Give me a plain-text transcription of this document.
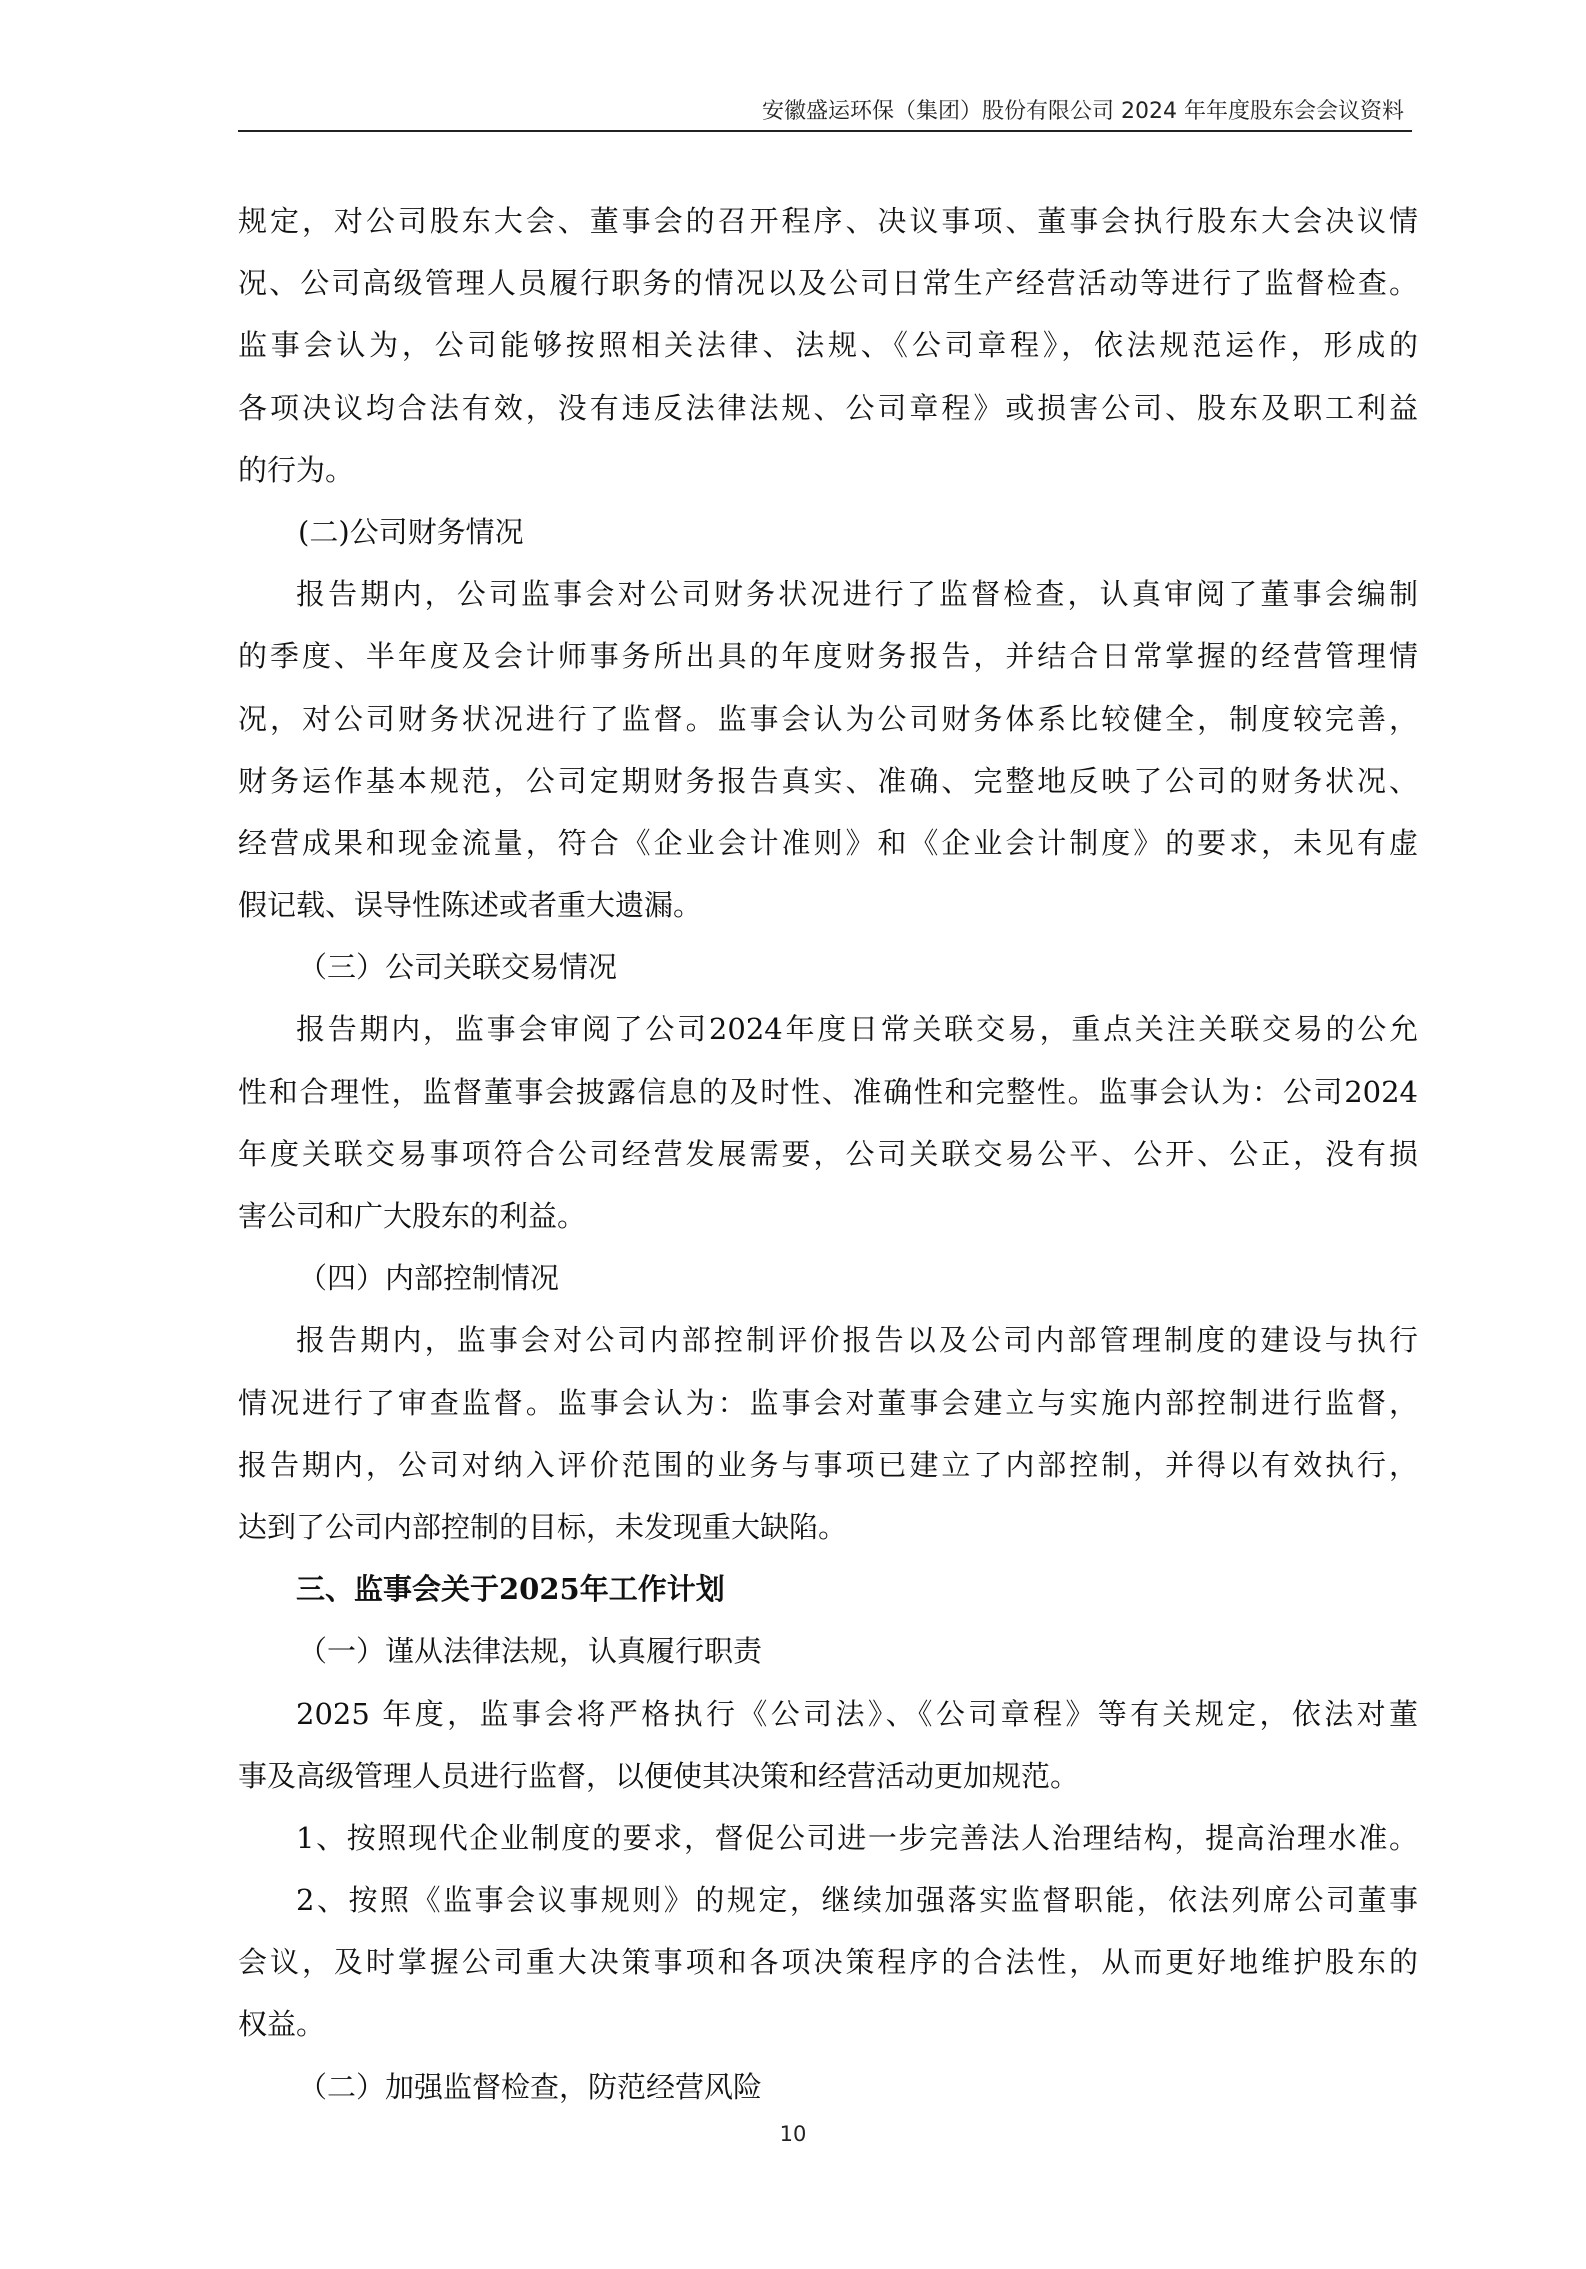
安徽盛运环保（集团）股份有限公司 2024 年年度股东会会议资料
规定，对公司股东大会、董事会的召开程序、决议事项、董事会执行股东大会决议情
况、公司高级管理人员履行职务的情况以及公司日常生产经营活动等进行了监督检查。
监事会认为，公司能够按照相关法律、法规、《公司章程》，依法规范运作，形成的
各项决议均合法有效，没有违反法律法规、公司章程》或损害公司、股东及职工利益
的行为。
(二)公司财务情况
报告期内，公司监事会对公司财务状况进行了监督检查，认真审阅了董事会编制
的季度、半年度及会计师事务所出具的年度财务报告，并结合日常掌握的经营管理情
况，对公司财务状况进行了监督。监事会认为公司财务体系比较健全，制度较完善，
财务运作基本规范，公司定期财务报告真实、准确、完整地反映了公司的财务状况、
经营成果和现金流量，符合《企业会计准则》和《企业会计制度》的要求，未见有虚
假记载、误导性陈述或者重大遗漏。
（三）公司关联交易情况
报告期内，监事会审阅了公司2024年度日常关联交易，重点关注关联交易的公允
性和合理性，监督董事会披露信息的及时性、准确性和完整性。监事会认为：公司2024
年度关联交易事项符合公司经营发展需要，公司关联交易公平、公开、公正，没有损
害公司和广大股东的利益。
（四）内部控制情况
报告期内，监事会对公司内部控制评价报告以及公司内部管理制度的建设与执行
情况进行了审查监督。监事会认为：监事会对董事会建立与实施内部控制进行监督，
报告期内，公司对纳入评价范围的业务与事项已建立了内部控制，并得以有效执行，
达到了公司内部控制的目标，未发现重大缺陷。
三、监事会关于2025年工作计划
（一）谨从法律法规，认真履行职责
2025 年度，监事会将严格执行《公司法》、《公司章程》等有关规定，依法对董
事及高级管理人员进行监督，以便使其决策和经营活动更加规范。
1、按照现代企业制度的要求，督促公司进一步完善法人治理结构，提高治理水准。
2、按照《监事会议事规则》的规定，继续加强落实监督职能，依法列席公司董事
会议，及时掌握公司重大决策事项和各项决策程序的合法性，从而更好地维护股东的
权益。
（二）加强监督检查，防范经营风险
10
